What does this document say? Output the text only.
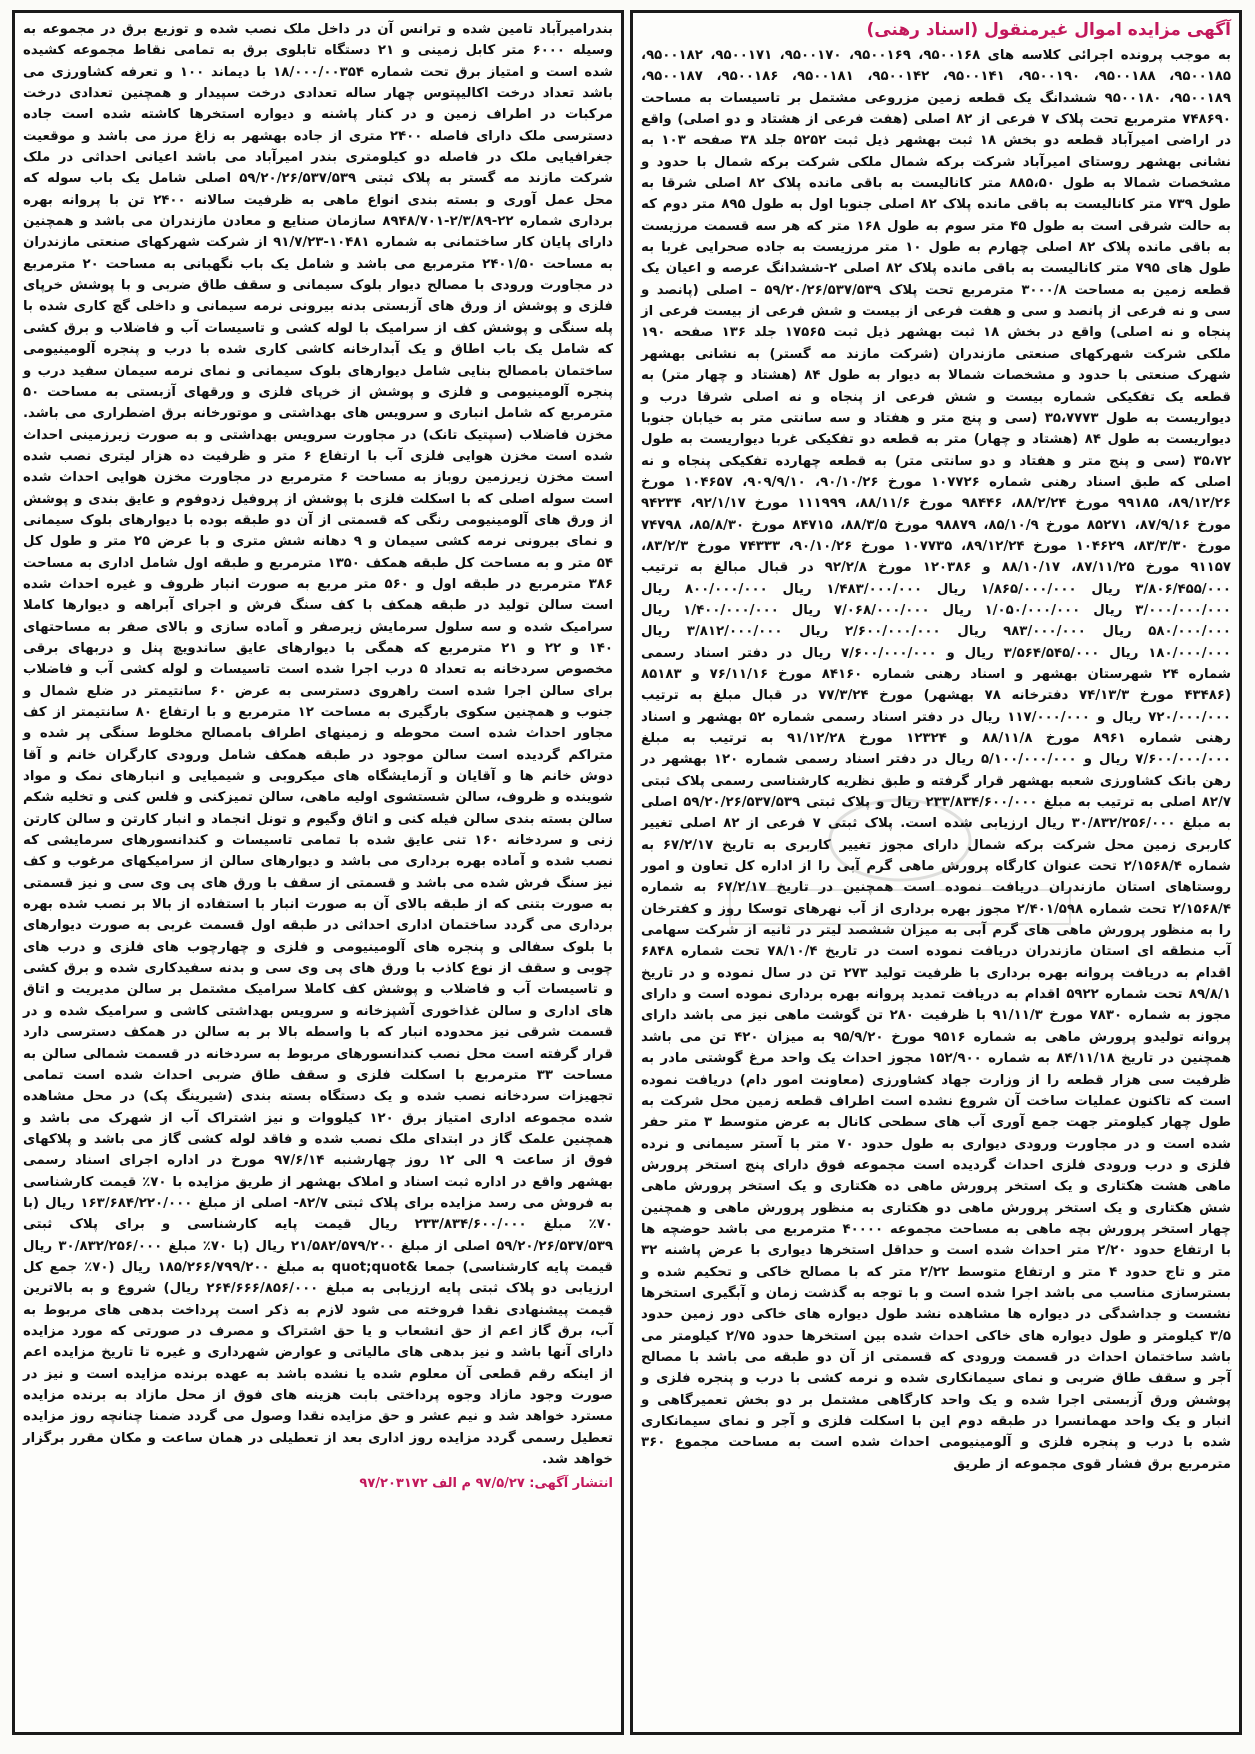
آگهی مزایده اموال غیرمنقول (اسناد رهنی)

به موجب پرونده اجرائی کلاسه های ۹۵۰۰۱۶۸، ۹۵۰۰۱۶۹، ۹۵۰۰۱۷۰، ۹۵۰۰۱۷۱، ۹۵۰۰۱۸۲، ۹۵۰۰۱۸۵، ۹۵۰۰۱۸۸، ۹۵۰۰۱۹۰، ۹۵۰۰۱۴۱، ۹۵۰۰۱۴۲، ۹۵۰۰۱۸۱، ۹۵۰۰۱۸۶، ۹۵۰۰۱۸۷، ۹۵۰۰۱۸۹، ۹۵۰۰۱۸۰ ششدانگ یک قطعه زمین مزروعی مشتمل بر تاسیسات به مساحت ۷۴۸۶۹۰ مترمربع تحت پلاک ۷ فرعی از ۸۲ اصلی (هفت فرعی از هشتاد و دو اصلی) واقع در اراضی امیرآباد قطعه دو بخش ۱۸ ثبت بهشهر ذیل ثبت ۵۲۵۲ جلد ۳۸ صفحه ۱۰۳ به نشانی بهشهر روستای امیرآباد شرکت برکه شمال ملکی شرکت برکه شمال با حدود و مشخصات شمالا به طول ۸۸۵،۵۰ متر کانالیست به باقی مانده پلاک ۸۲ اصلی شرقا به طول ۷۳۹ متر کانالیست به باقی مانده پلاک ۸۲ اصلی جنوبا اول به طول ۸۹۵ متر دوم که به حالت شرقی است به طول ۴۵ متر سوم به طول ۱۶۸ متر که هر سه قسمت مرزیست به باقی مانده پلاک ۸۲ اصلی چهارم به طول ۱۰ متر مرزیست به جاده صحرایی غربا به طول های ۷۹۵ متر کانالیست به باقی مانده پلاک ۸۲ اصلی ۲-ششدانگ عرصه و اعیان یک قطعه زمین به مساحت ۳۰۰۰/۸ مترمربع تحت پلاک ۵۹/۲۰/۲۶/۵۳۷/۵۳۹ – اصلی (پانصد و سی و نه فرعی از پانصد و سی و هفت فرعی از بیست و شش فرعی از بیست فرعی از پنجاه و نه اصلی) واقع در بخش ۱۸ ثبت بهشهر ذیل ثبت ۱۷۵۶۵ جلد ۱۳۶ صفحه ۱۹۰ ملکی شرکت شهرکهای صنعتی مازندران (شرکت مازند مه گستر) به نشانی بهشهر شهرک صنعتی با حدود و مشخصات شمالا به دیوار به طول ۸۴ (هشتاد و چهار متر) به قطعه یک تفکیکی شماره بیست و شش فرعی از پنجاه و نه اصلی شرقا درب و دیواریست به طول ۳۵،۷۷۷۳ (سی و پنج متر و هفتاد و سه سانتی متر به خیابان جنوبا دیواریست به طول ۸۴ (هشتاد و چهار) متر به قطعه دو تفکیکی غربا دیواریست به طول ۳۵،۷۲ (سی و پنج متر و هفتاد و دو سانتی متر) به قطعه چهارده تفکیکی پنجاه و نه اصلی که طبق اسناد رهنی شماره ۱۰۷۷۲۶ مورخ ۹۰/۱۰/۲۶، ۹۰۹/۹/۱۰، ۱۰۴۶۵۷ مورخ ۸۹/۱۲/۲۶، ۹۹۱۸۵ مورخ ۸۸/۲/۲۴، ۹۸۴۴۶ مورخ ۸۸/۱۱/۶، ۱۱۱۹۹۹ مورخ ۹۲/۱/۱۷، ۹۴۲۳۴ مورخ ۸۷/۹/۱۶، ۸۵۲۷۱ مورخ ۸۵/۱۰/۹، ۹۸۸۷۹ مورخ ۸۸/۳/۵، ۸۴۷۱۵ مورخ ۸۵/۸/۳۰، ۷۴۷۹۸ مورخ ۸۳/۳/۳۰، ۱۰۴۶۲۹ مورخ ۸۹/۱۲/۲۴، ۱۰۷۷۳۵ مورخ ۹۰/۱۰/۲۶، ۷۴۳۳۳ مورخ ۸۳/۲/۳، ۹۱۱۵۷ مورخ ۸۷/۱۱/۲۵، ۸۸/۱۰/۱۷ و ۱۲۰۳۸۶ مورخ ۹۲/۲/۸ در قبال مبالغ به ترتیب ۳/۸۰۶/۴۵۵/۰۰۰ ریال ۱/۸۶۵/۰۰۰/۰۰۰ ریال ۱/۴۸۳/۰۰۰/۰۰۰ ریال ۸۰۰/۰۰۰/۰۰۰ ریال ۳/۰۰۰/۰۰۰/۰۰۰ ریال ۱/۰۵۰/۰۰۰/۰۰۰ ریال ۷/۰۶۸/۰۰۰/۰۰۰ ریال ۱/۴۰۰/۰۰۰/۰۰۰ ریال ۵۸۰/۰۰۰/۰۰۰ ریال ۹۸۳/۰۰۰/۰۰۰ ریال ۲/۶۰۰/۰۰۰/۰۰۰ ریال ۳/۸۱۲/۰۰۰/۰۰۰ ریال ۱۸۰/۰۰۰/۰۰۰ ریال ۳/۵۶۴/۵۴۵/۰۰۰ ریال و ۷/۶۰۰/۰۰۰/۰۰۰ ریال در دفتر اسناد رسمی شماره ۲۴ شهرستان بهشهر و اسناد رهنی شماره ۸۴۱۶۰ مورخ ۷۶/۱۱/۱۶ و ۸۵۱۸۳ (۴۳۴۸۶ مورخ ۷۴/۱۳/۳ دفترخانه ۷۸ بهشهر) مورخ ۷۷/۳/۲۴ در قبال مبلغ به ترتیب ۷۲۰/۰۰۰/۰۰۰ ریال و ۱۱۷/۰۰۰/۰۰۰ ریال در دفتر اسناد رسمی شماره ۵۲ بهشهر و اسناد رهنی شماره ۸۹۶۱ مورخ ۸۸/۱۱/۸ و ۱۲۳۲۴ مورخ ۹۱/۱۲/۲۸ به ترتیب به مبلغ ۷/۶۰۰/۰۰۰/۰۰۰ ریال و ۵/۱۰۰/۰۰۰/۰۰۰ ریال در دفتر اسناد رسمی شماره ۱۲۰ بهشهر در رهن بانک کشاورزی شعبه بهشهر قرار گرفته و طبق نظریه کارشناسی رسمی پلاک ثبتی ۸۲/۷ اصلی به ترتیب به مبلغ ۲۳۳/۸۳۴/۶۰۰/۰۰۰ ریال و پلاک ثبتی ۵۹/۲۰/۲۶/۵۳۷/۵۳۹ اصلی به مبلغ ۳۰/۸۳۲/۲۵۶/۰۰۰ ریال ارزیابی شده است. پلاک ثبتی ۷ فرعی از ۸۲ اصلی تغییر کاربری زمین محل شرکت برکه شمال دارای مجوز تغییر کاربری به تاریخ ۶۷/۲/۱۷ به شماره ۲/۱۵۶۸/۴ تحت عنوان کارگاه پرورش ماهی گرم آبی را از اداره کل تعاون و امور روستاهای استان مازندران دریافت نموده است همچنین در تاریخ ۶۷/۲/۱۷ به شماره ۲/۱۵۶۸/۴ تحت شماره ۲/۴۰۱/۵۹۸ مجوز بهره برداری از آب نهرهای توسکا روز و کفترخان را به منظور پرورش ماهی های گرم آبی به میزان ششصد لیتر در ثانیه از شرکت سهامی آب منطقه ای استان مازندران دریافت نموده است در تاریخ ۷۸/۱۰/۴ تحت شماره ۶۸۴۸ اقدام به دریافت پروانه بهره برداری با ظرفیت تولید ۲۷۳ تن در سال نموده و در تاریخ ۸۹/۸/۱ تحت شماره ۵۹۲۲ اقدام به دریافت تمدید پروانه بهره برداری نموده است و دارای مجوز به شماره ۷۸۳۰ مورخ ۹۱/۱۱/۳ با ظرفیت ۲۸۰ تن گوشت ماهی نیز می باشد دارای پروانه تولیدو پرورش ماهی به شماره ۹۵۱۶ مورخ ۹۵/۹/۲۰ به میزان ۴۲۰ تن می باشد همچنین در تاریخ ۸۴/۱۱/۱۸ به شماره ۱۵۲/۹۰۰ مجوز احداث یک واحد مرغ گوشتی مادر به ظرفیت سی هزار قطعه را از وزارت جهاد کشاورزی (معاونت امور دام) دریافت نموده است که تاکنون عملیات ساخت آن شروع نشده است اطراف قطعه زمین محل شرکت به طول چهار کیلومتر جهت جمع آوری آب های سطحی کانال به عرض متوسط ۳ متر حفر شده است و در مجاورت ورودی دیواری به طول حدود ۷۰ متر با آستر سیمانی و نرده فلزی و درب ورودی فلزی احداث گردیده است مجموعه فوق دارای پنج استخر پرورش ماهی هشت هکتاری و یک استخر پرورش ماهی ده هکتاری و یک استخر پرورش ماهی شش هکتاری و یک استخر پرورش ماهی دو هکتاری به منظور پرورش ماهی و همچنین چهار استخر پرورش بچه ماهی به مساحت مجموعه ۴۰۰۰۰ مترمربع می باشد حوضچه ها با ارتفاع حدود ۲/۲۰ متر احداث شده است و حداقل استخرها دیواری با عرض پاشنه ۳۲ متر و تاج حدود ۴ متر و ارتفاع متوسط ۲/۲۲ متر که با مصالح خاکی و تحکیم شده و بسترسازی مناسب می باشد اجرا شده است و با توجه به گذشت زمان و آبگیری استخرها نشست و جداشدگی در دیواره ها مشاهده نشد طول دیواره های خاکی دور زمین حدود ۳/۵ کیلومتر و طول دیواره های خاکی احداث شده بین استخرها حدود ۲/۷۵ کیلومتر می باشد ساختمان احداث در قسمت ورودی که قسمتی از آن دو طبقه می باشد با مصالح آجر و سقف طاق ضربی و نمای سیمانکاری شده و نرمه کشی با درب و پنجره فلزی و پوشش ورق آزبستی اجرا شده و یک واحد کارگاهی مشتمل بر دو بخش تعمیرگاهی و انبار و یک واحد مهمانسرا در طبقه دوم این با اسکلت فلزی و آجر و نمای سیمانکاری شده با درب و پنجره فلزی و آلومینیومی احداث شده است به مساحت مجموع ۳۶۰ مترمربع برق فشار قوی مجموعه از طریق

بندرامیرآباد تامین شده و ترانس آن در داخل ملک نصب شده و توزیع برق در مجموعه به وسیله ۶۰۰۰ متر کابل زمینی و ۲۱ دستگاه تابلوی برق به تمامی نقاط مجموعه کشیده شده است و امتیاز برق تحت شماره ۱۸/۰۰۰/۰۰۳۵۴ با دیماند ۱۰۰ و تعرفه کشاورزی می باشد تعداد درخت اکالیپتوس چهار ساله تعدادی درخت سپیدار و همچنین تعدادی درخت مرکبات در اطراف زمین و در کنار پاشنه و دیواره استخرها کاشته شده است جاده دسترسی ملک دارای فاصله ۲۴۰۰ متری از جاده بهشهر به زاغ مرز می باشد و موقعیت جغرافیایی ملک در فاصله دو کیلومتری بندر امیرآباد می باشد اعیانی احداثی در ملک شرکت مازند مه گستر به پلاک ثبتی ۵۹/۲۰/۲۶/۵۳۷/۵۳۹ اصلی شامل یک باب سوله که محل عمل آوری و بسته بندی انواع ماهی به ظرفیت سالانه ۲۴۰۰ تن با پروانه بهره برداری شماره ۲۲-۲/۳/۸۹-۸۹۴۸/۷۰۱ سازمان صنایع و معادن مازندران می باشد و همچنین دارای پایان کار ساختمانی به شماره ۱۰۴۸۱-۹۱/۷/۲۳ از شرکت شهرکهای صنعتی مازندران به مساحت ۲۴۰۱/۵۰ مترمربع می باشد و شامل یک باب نگهبانی به مساحت ۲۰ مترمربع در مجاورت ورودی با مصالح دیوار بلوک سیمانی و سقف طاق ضربی و با پوشش خرپای فلزی و پوشش از ورق های آزبستی بدنه بیرونی نرمه سیمانی و داخلی گچ کاری شده با پله سنگی و پوشش کف از سرامیک با لوله کشی و تاسیسات آب و فاضلاب و برق کشی که شامل یک باب اطاق و یک آبدارخانه کاشی کاری شده با درب و پنجره آلومینیومی ساختمان بامصالح بنایی شامل دیوارهای بلوک سیمانی و نمای نرمه سیمان سفید درب و پنجره آلومینیومی و فلزی و پوشش از خرپای فلزی و ورقهای آزبستی به مساحت ۵۰ مترمربع که شامل انباری و سرویس های بهداشتی و موتورخانه برق اضطراری می باشد. مخزن فاضلاب (سپتیک تانک) در مجاورت سرویس بهداشتی و به صورت زیرزمینی احداث شده است مخزن هوایی فلزی آب با ارتفاع ۶ متر و ظرفیت ده هزار لیتری نصب شده است مخزن زیرزمین روباز به مساحت ۶ مترمربع در مجاورت مخزن هوایی احداث شده است سوله اصلی که با اسکلت فلزی با پوشش از پروفیل زدوفوم و عایق بندی و پوشش از ورق های آلومینیومی رنگی که قسمتی از آن دو طبقه بوده با دیوارهای بلوک سیمانی و نمای بیرونی نرمه کشی سیمان و ۹ دهانه شش متری و با عرض ۲۵ متر و طول کل ۵۴ متر و به مساحت کل طبقه همکف ۱۳۵۰ مترمربع و طبقه اول شامل اداری به مساحت ۳۸۶ مترمربع در طبقه اول و ۵۶۰ متر مربع به صورت انبار ظروف و غیره احداث شده است سالن تولید در طبقه همکف با کف سنگ فرش و اجرای آبراهه و دیوارها کاملا سرامیک شده و سه سلول سرمایش زیرصفر و آماده سازی و بالای صفر به مساحتهای ۱۴۰ و ۲۲ و ۲۱ مترمربع که همگی با دیوارهای عایق ساندویچ پنل و دربهای برقی مخصوص سردخانه به تعداد ۵ درب اجرا شده است تاسیسات و لوله کشی آب و فاضلاب برای سالن اجرا شده است راهروی دسترسی به عرض ۶۰ سانتیمتر در ضلع شمال و جنوب و همچنین سکوی بارگیری به مساحت ۱۲ مترمربع و با ارتفاع ۸۰ سانتیمتر از کف مجاور احداث شده است محوطه و زمینهای اطراف بامصالح مخلوط سنگی پر شده و متراکم گردیده است سالن موجود در طبقه همکف شامل ورودی کارگران خانم و آقا دوش خانم ها و آقایان و آزمایشگاه های میکروبی و شیمیایی و انبارهای نمک و مواد شوینده و ظروف، سالن شستشوی اولیه ماهی، سالن تمیزکنی و فلس کنی و تخلیه شکم سالن بسته بندی سالن فیله کنی و اتاق وگیوم و تونل انجماد و انبار کارتن و سالن کارتن زنی و سردخانه ۱۶۰ تنی عایق شده با تمامی تاسیسات و کندانسورهای سرمایشی که نصب شده و آماده بهره برداری می باشد و دیوارهای سالن از سرامیکهای مرغوب و کف نیز سنگ فرش شده می باشد و قسمتی از سقف با ورق های پی وی سی و نیز قسمتی به صورت بتنی که از طبقه بالای آن به صورت انبار با استفاده از بالا بر نصب شده بهره برداری می گردد ساختمان اداری احداثی در طبقه اول قسمت غربی به صورت دیوارهای با بلوک سفالی و پنجره های آلومینیومی و فلزی و چهارچوب های فلزی و درب های چوبی و سقف از نوع کاذب با ورق های پی وی سی و بدنه سفیدکاری شده و برق کشی و تاسیسات آب و فاضلاب و پوشش کف کاملا سرامیک مشتمل بر سالن مدیریت و اتاق های اداری و سالن غذاخوری آشپزخانه و سرویس بهداشتی کاشی و سرامیک شده و در قسمت شرقی نیز محدوده انبار که با واسطه بالا بر به سالن در همکف دسترسی دارد قرار گرفته است محل نصب کندانسورهای مربوط به سردخانه در قسمت شمالی سالن به مساحت ۳۳ مترمربع با اسکلت فلزی و سقف طاق ضربی احداث شده است تمامی تجهیزات سردخانه نصب شده و یک دستگاه بسته بندی (شیرینگ پک) در محل مشاهده شده مجموعه اداری امتیاز برق ۱۲۰ کیلووات و نیز اشتراک آب از شهرک می باشد و همچنین علمک گاز در ابتدای ملک نصب شده و فاقد لوله کشی گاز می باشد و پلاکهای فوق از ساعت ۹ الی ۱۲ روز چهارشنبه ۹۷/۶/۱۴ مورخ در اداره اجرای اسناد رسمی بهشهر واقع در اداره ثبت اسناد و املاک بهشهر از طریق مزایده با ۷۰٪ قیمت کارشناسی به فروش می رسد مزایده برای پلاک ثبتی ۸۲/۷- اصلی از مبلغ ۱۶۳/۶۸۴/۲۲۰/۰۰۰ ریال (با ۷۰٪ مبلغ ۲۳۳/۸۳۴/۶۰۰/۰۰۰ ریال قیمت پایه کارشناسی و برای پلاک ثبتی ۵۹/۲۰/۲۶/۵۳۷/۵۳۹ اصلی از مبلغ ۲۱/۵۸۲/۵۷۹/۲۰۰ ریال (با ۷۰٪ مبلغ ۳۰/۸۳۲/۲۵۶/۰۰۰ ریال قیمت پایه کارشناسی) جمعا &quot;quot به مبلغ ۱۸۵/۲۶۶/۷۹۹/۲۰۰ ریال (۷۰٪ جمع کل ارزیابی دو پلاک ثبتی پایه ارزیابی به مبلغ ۲۶۴/۶۶۶/۸۵۶/۰۰۰ ریال) شروع و به بالاترین قیمت پیشنهادی نقدا فروخته می شود لازم به ذکر است پرداخت بدهی های مربوط به آب، برق گاز اعم از حق انشعاب و یا حق اشتراک و مصرف در صورتی که مورد مزایده دارای آنها باشد و نیز بدهی های مالیاتی و عوارض شهرداری و غیره تا تاریخ مزایده اعم از اینکه رقم قطعی آن معلوم شده یا نشده باشد به عهده برنده مزایده است و نیز در صورت وجود مازاد وجوه پرداختی بابت هزینه های فوق از محل مازاد به برنده مزایده مسترد خواهد شد و نیم عشر و حق مزایده نقدا وصول می گردد ضمنا چنانچه روز مزایده تعطیل رسمی گردد مزایده روز اداری بعد از تعطیلی در همان ساعت و مکان مقرر برگزار خواهد شد.

انتشار آگهی: ۹۷/۵/۲۷ م الف ۹۷/۲۰۳۱۷۲
